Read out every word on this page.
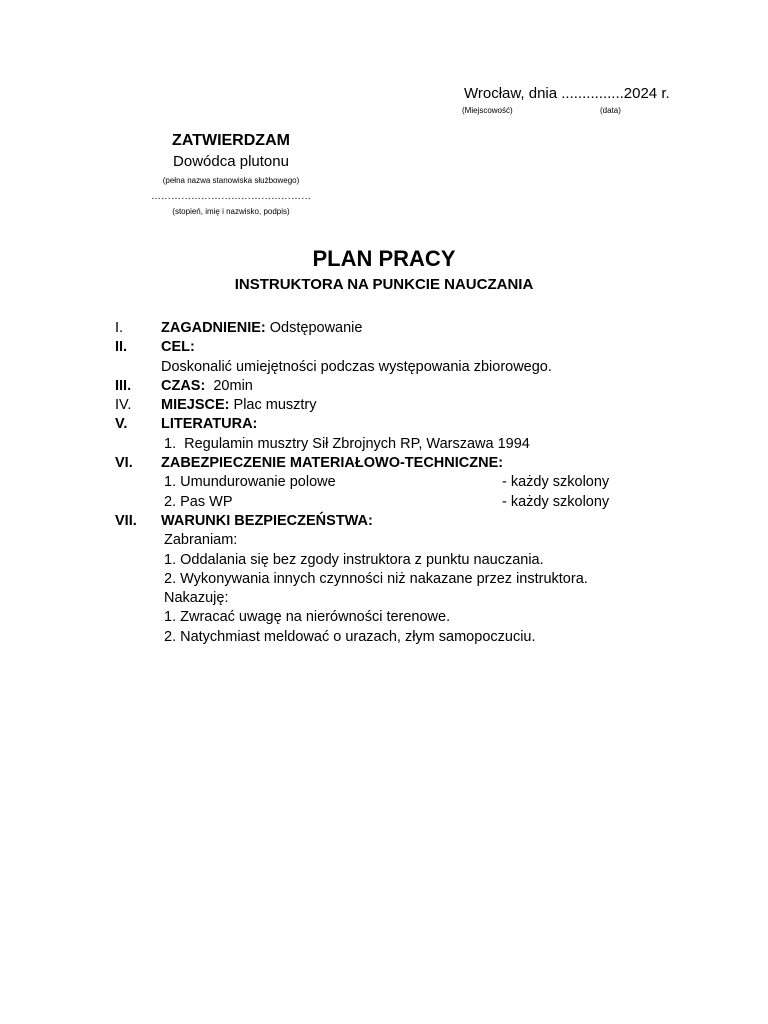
Wrocław, dnia ...............2024 r.
(Miejscowość)	(data)
ZATWIERDZAM
Dowódca plutonu
(pełna nazwa stanowiska służbowego)
…………………………………………
(stopień, imię i nazwisko, podpis)
PLAN PRACY
INSTRUKTORA NA PUNKCIE NAUCZANIA
I.	ZAGADNIENIE: Odstępowanie
II. CEL:
Doskonalić umiejętności podczas występowania zbiorowego.
III. CZAS:  20min
IV. MIEJSCE: Plac musztry
V. LITERATURA:
1.  Regulamin musztry Sił Zbrojnych RP, Warszawa 1994
VI. ZABEZPIECZENIE MATERIAŁOWO-TECHNICZNE:
1. Umundurowanie polowe	- każdy szkolony
2. Pas WP	- każdy szkolony
VII. WARUNKI BEZPIECZEŃSTWA:
Zabraniam:
1. Oddalania się bez zgody instruktora z punktu nauczania.
2. Wykonywania innych czynności niż nakazane przez instruktora.
Nakazuję:
1. Zwracać uwagę na nierówności terenowe.
2. Natychmiast meldować o urazach, złym samopoczuciu.
